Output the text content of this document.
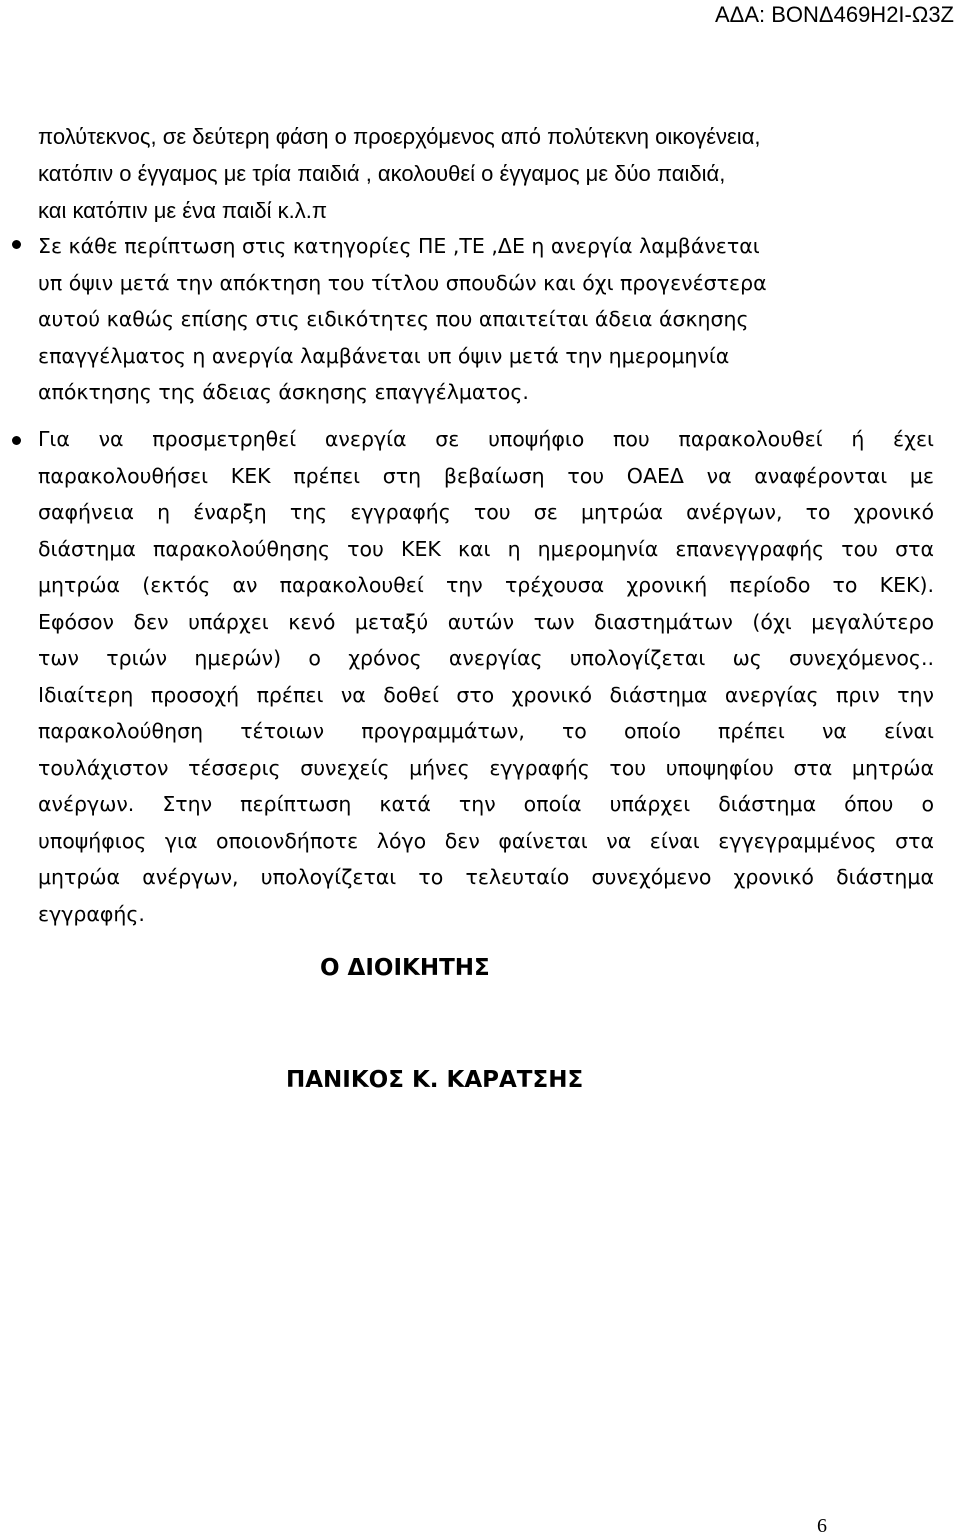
ΑΔΑ: ΒΟΝΔ469Η2Ι-Ω3Ζ
πολύτεκνος, σε δεύτερη φάση ο προερχόμενος από πολύτεκνη οικογένεια,
κατόπιν ο έγγαμος με τρία παιδιά , ακολουθεί ο έγγαμος με δύο παιδιά,
και κατόπιν με ένα παιδί κ.λ.π
Σε κάθε περίπτωση στις κατηγορίες ΠΕ ,ΤΕ ,ΔΕ η ανεργία λαμβάνεται
υπ όψιν μετά την απόκτηση του τίτλου σπουδών και όχι προγενέστερα
αυτού καθώς επίσης στις ειδικότητες που απαιτείται άδεια άσκησης
επαγγέλματος η ανεργία λαμβάνεται υπ όψιν μετά την ημερομηνία
απόκτησης της άδειας άσκησης επαγγέλματος.
Για να προσμετρηθεί ανεργία σε υποψήφιο που παρακολουθεί ή έχει
παρακολουθήσει ΚΕΚ πρέπει στη βεβαίωση του ΟΑΕΔ να αναφέρονται με
σαφήνεια η έναρξη της εγγραφής του σε μητρώα ανέργων, το χρονικό
διάστημα παρακολούθησης του ΚΕΚ και η ημερομηνία επανεγγραφής του στα
μητρώα (εκτός αν παρακολουθεί την τρέχουσα χρονική περίοδο το ΚΕΚ).
Εφόσον δεν υπάρχει κενό μεταξύ αυτών των διαστημάτων (όχι μεγαλύτερο
των τριών ημερών) ο χρόνος ανεργίας υπολογίζεται ως συνεχόμενος..
Ιδιαίτερη προσοχή πρέπει να δοθεί στο χρονικό διάστημα ανεργίας πριν την
παρακολούθηση τέτοιων προγραμμάτων, το οποίο πρέπει να είναι
τουλάχιστον τέσσερις συνεχείς μήνες εγγραφής του υποψηφίου στα μητρώα
ανέργων. Στην περίπτωση κατά την οποία υπάρχει διάστημα όπου ο
υποψήφιος για οποιονδήποτε λόγο δεν φαίνεται να είναι εγγεγραμμένος στα
μητρώα ανέργων, υπολογίζεται το τελευταίο συνεχόμενο χρονικό διάστημα
εγγραφής.
Ο ΔΙΟΙΚΗΤΗΣ
ΠΑΝΙΚΟΣ Κ. ΚΑΡΑΤΣΗΣ
6
